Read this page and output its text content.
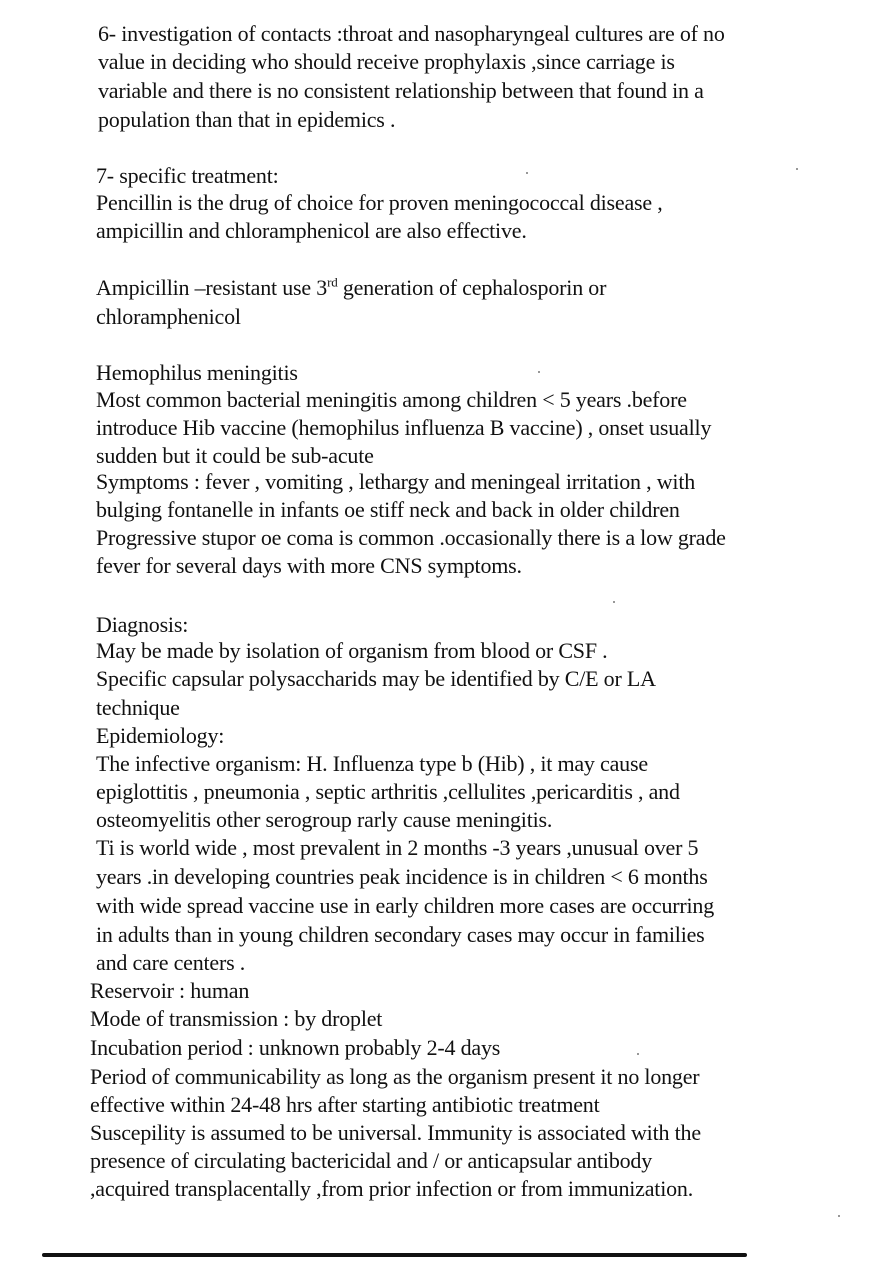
6- investigation of contacts :throat and nasopharyngeal cultures are of no
value in deciding who should receive prophylaxis ,since carriage is
variable and there is no consistent relationship between that found in a
population than that in epidemics .
7- specific treatment:
Pencillin is the drug of choice for proven meningococcal disease ,
ampicillin and chloramphenicol are also effective.
Ampicillin –resistant use 3rd generation of cephalosporin or
chloramphenicol
Hemophilus meningitis
Most common bacterial meningitis among children < 5 years .before
introduce Hib vaccine (hemophilus influenza B vaccine) , onset usually
sudden but it could be sub-acute
Symptoms : fever , vomiting , lethargy and meningeal irritation , with
bulging fontanelle in infants oe stiff neck and back in older children
Progressive stupor oe coma is common .occasionally there is a low grade
fever for several days with more CNS symptoms.
Diagnosis:
May be made by isolation of organism from blood or CSF .
Specific capsular polysaccharids may be identified by C/E or LA
technique
Epidemiology:
The infective organism: H. Influenza type b (Hib) , it may cause
epiglottitis , pneumonia , septic arthritis ,cellulites ,pericarditis , and
osteomyelitis other serogroup rarly cause meningitis.
Ti is world wide , most prevalent in 2 months -3 years ,unusual over 5
years .in developing countries peak incidence is in children < 6 months
with wide spread vaccine use in early children more cases are occurring
in adults than in young children secondary cases may occur in families
and care centers .
Reservoir : human
Mode of transmission : by droplet
Incubation period : unknown probably 2-4 days
Period of communicability as long as the organism present it no longer
effective within 24-48 hrs after starting antibiotic treatment
Suscepility is assumed to be universal. Immunity is associated with the
presence of circulating bactericidal and / or anticapsular antibody
,acquired transplacentally ,from prior infection or from immunization.
